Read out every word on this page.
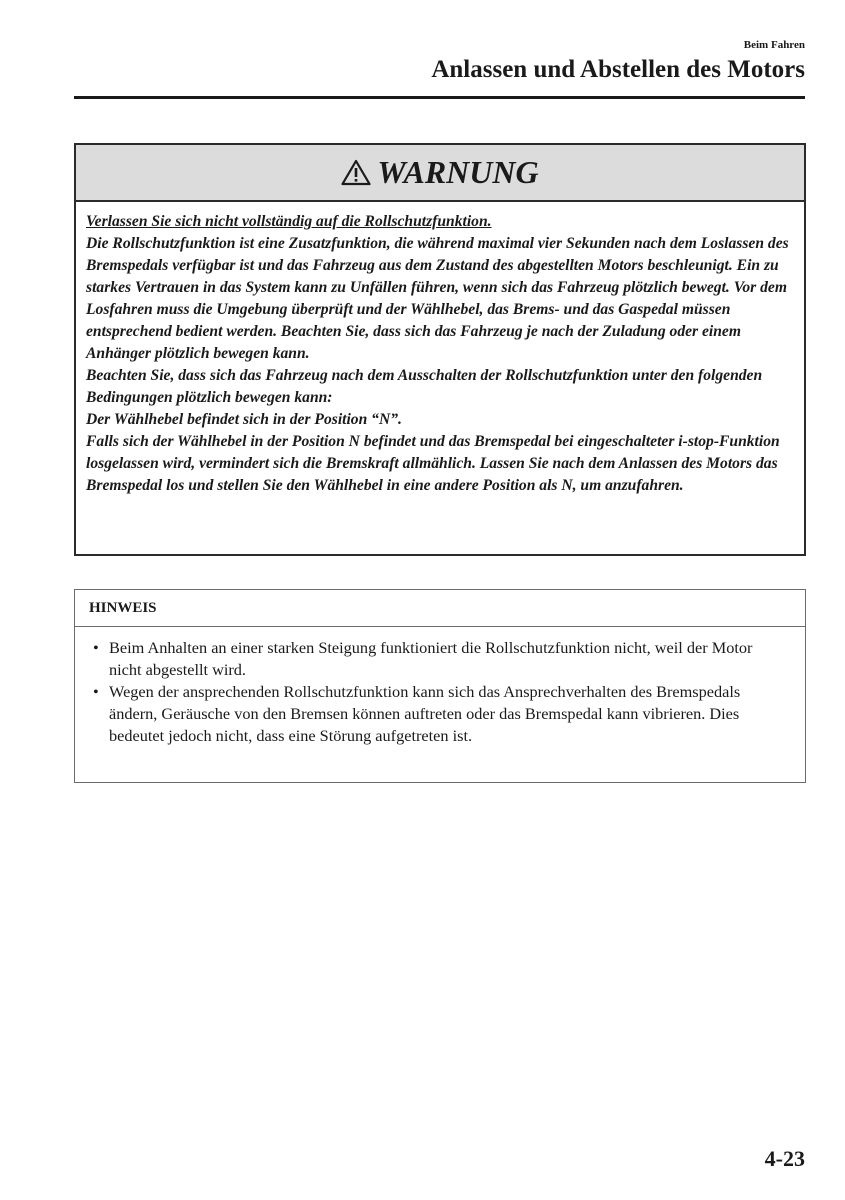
Beim Fahren
Anlassen und Abstellen des Motors
WARNUNG

Verlassen Sie sich nicht vollständig auf die Rollschutzfunktion.

Die Rollschutzfunktion ist eine Zusatzfunktion, die während maximal vier Sekunden nach dem Loslassen des Bremspedals verfügbar ist und das Fahrzeug aus dem Zustand des abgestellten Motors beschleunigt. Ein zu starkes Vertrauen in das System kann zu Unfällen führen, wenn sich das Fahrzeug plötzlich bewegt. Vor dem Losfahren muss die Umgebung überprüft und der Wählhebel, das Brems- und das Gaspedal müssen entsprechend bedient werden. Beachten Sie, dass sich das Fahrzeug je nach der Zuladung oder einem Anhänger plötzlich bewegen kann.

Beachten Sie, dass sich das Fahrzeug nach dem Ausschalten der Rollschutzfunktion unter den folgenden Bedingungen plötzlich bewegen kann:

Der Wählhebel befindet sich in der Position “N”.

Falls sich der Wählhebel in der Position N befindet und das Bremspedal bei eingeschalteter i-stop-Funktion losgelassen wird, vermindert sich die Bremskraft allmählich. Lassen Sie nach dem Anlassen des Motors das Bremspedal los und stellen Sie den Wählhebel in eine andere Position als N, um anzufahren.

HINWEIS
• Beim Anhalten an einer starken Steigung funktioniert die Rollschutzfunktion nicht, weil der Motor nicht abgestellt wird.
• Wegen der ansprechenden Rollschutzfunktion kann sich das Ansprechverhalten des Bremspedals ändern, Geräusche von den Bremsen können auftreten oder das Bremspedal kann vibrieren. Dies bedeutet jedoch nicht, dass eine Störung aufgetreten ist.
4-23
